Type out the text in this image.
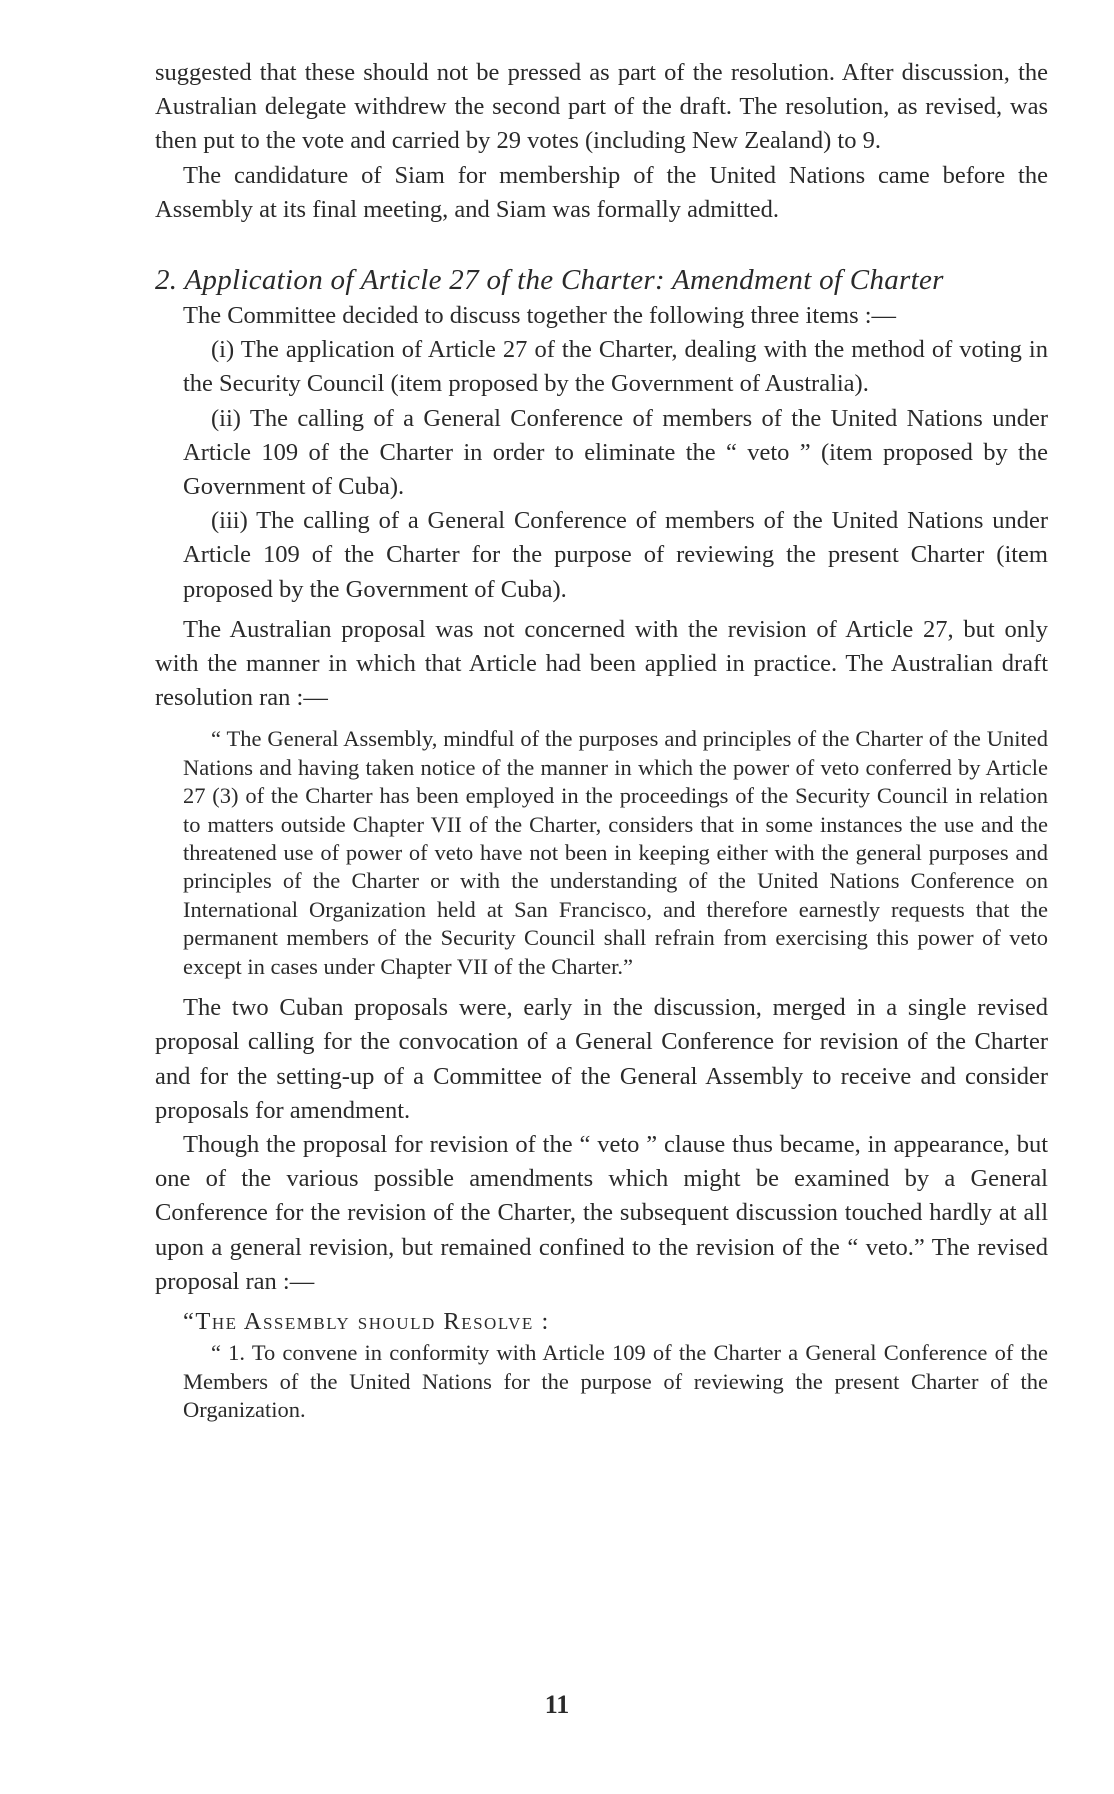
suggested that these should not be pressed as part of the resolution. After discussion, the Australian delegate withdrew the second part of the draft. The resolution, as revised, was then put to the vote and carried by 29 votes (including New Zealand) to 9.

The candidature of Siam for membership of the United Nations came before the Assembly at its final meeting, and Siam was formally admitted.

2. Application of Article 27 of the Charter: Amendment of Charter

The Committee decided to discuss together the following three items :—

(i) The application of Article 27 of the Charter, dealing with the method of voting in the Security Council (item proposed by the Government of Australia).

(ii) The calling of a General Conference of members of the United Nations under Article 109 of the Charter in order to eliminate the “ veto ” (item proposed by the Government of Cuba).

(iii) The calling of a General Conference of members of the United Nations under Article 109 of the Charter for the purpose of reviewing the present Charter (item proposed by the Government of Cuba).

The Australian proposal was not concerned with the revision of Article 27, but only with the manner in which that Article had been applied in practice. The Australian draft resolution ran :—

“ The General Assembly, mindful of the purposes and principles of the Charter of the United Nations and having taken notice of the manner in which the power of veto conferred by Article 27 (3) of the Charter has been employed in the proceedings of the Security Council in relation to matters outside Chapter VII of the Charter, considers that in some instances the use and the threatened use of power of veto have not been in keeping either with the general purposes and principles of the Charter or with the understanding of the United Nations Conference on International Organization held at San Francisco, and therefore earnestly requests that the permanent members of the Security Council shall refrain from exercising this power of veto except in cases under Chapter VII of the Charter.”

The two Cuban proposals were, early in the discussion, merged in a single revised proposal calling for the convocation of a General Conference for revision of the Charter and for the setting-up of a Committee of the General Assembly to receive and consider proposals for amendment.

Though the proposal for revision of the “ veto ” clause thus became, in appearance, but one of the various possible amendments which might be examined by a General Conference for the revision of the Charter, the subsequent discussion touched hardly at all upon a general revision, but remained confined to the revision of the “ veto.” The revised proposal ran :—

“The Assembly should Resolve :

“ 1. To convene in conformity with Article 109 of the Charter a General Conference of the Members of the United Nations for the purpose of reviewing the present Charter of the Organization.

11
